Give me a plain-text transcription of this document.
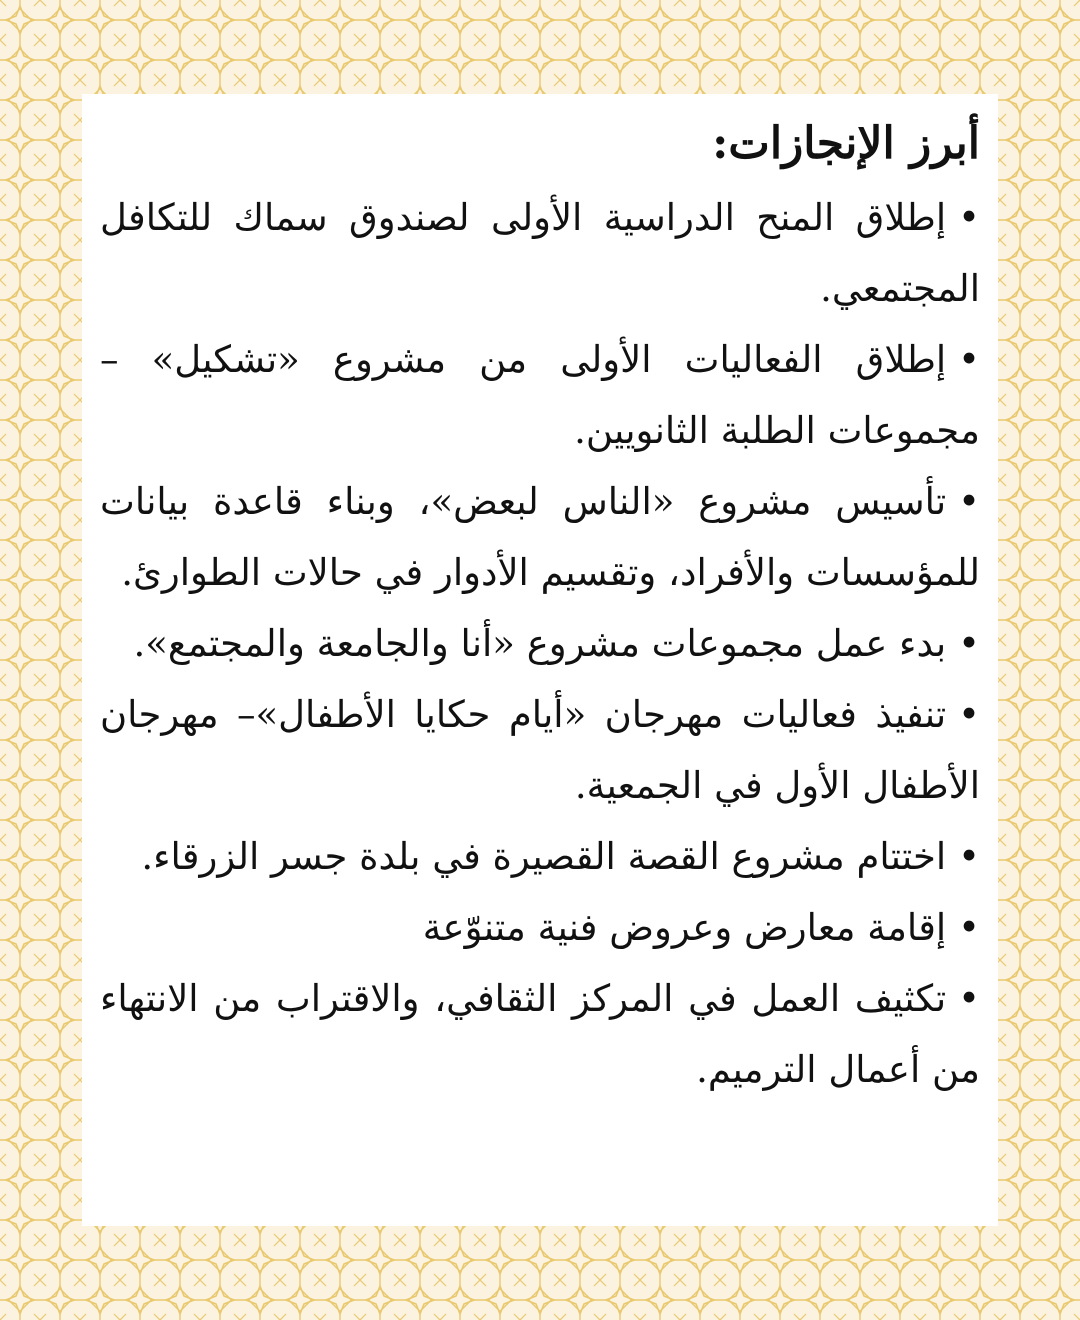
أبرز الإنجازات:

•إطلاق المنح الدراسية الأولى لصندوق سماك للتكافل المجتمعي.

•إطلاق الفعاليات الأولى من مشروع «تشكيل» – مجموعات الطلبة الثانويين.

•تأسيس مشروع «الناس لبعض»، وبناء قاعدة بيانات للمؤسسات والأفراد، وتقسيم الأدوار في حالات الطوارئ.

•بدء عمل مجموعات مشروع «أنا والجامعة والمجتمع».

•تنفيذ فعاليات مهرجان «أيام حكايا الأطفال»– مهرجان الأطفال الأول في الجمعية.

•اختتام مشروع القصة القصيرة في بلدة جسر الزرقاء.

•إقامة معارض وعروض فنية متنوّعة

•تكثيف العمل في المركز الثقافي، والاقتراب من الانتهاء من أعمال الترميم.
